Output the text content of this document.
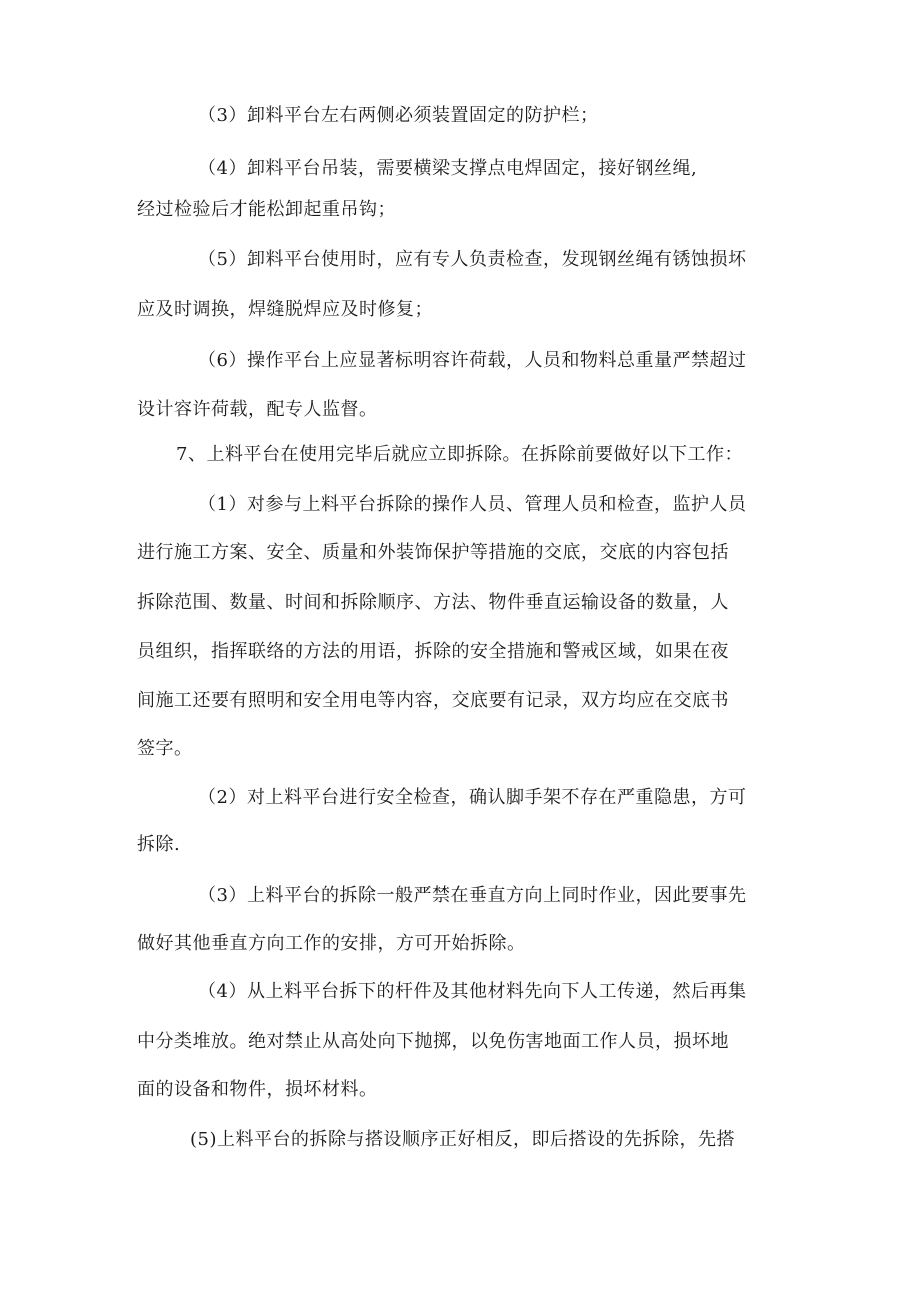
（3）卸料平台左右两侧必须装置固定的防护栏；
（4）卸料平台吊装，需要横梁支撑点电焊固定，接好钢丝绳,
经过检验后才能松卸起重吊钩；
（5）卸料平台使用时，应有专人负责检查，发现钢丝绳有锈蚀损坏
应及时调换，焊缝脱焊应及时修复；
（6）操作平台上应显著标明容许荷载，人员和物料总重量严禁超过
设计容许荷载，配专人监督。
7、上料平台在使用完毕后就应立即拆除。在拆除前要做好以下工作：
（1）对参与上料平台拆除的操作人员、管理人员和检查，监护人员
进行施工方案、安全、质量和外装饰保护等措施的交底，交底的内容包括
拆除范围、数量、时间和拆除顺序、方法、物件垂直运输设备的数量，人
员组织，指挥联络的方法的用语，拆除的安全措施和警戒区域，如果在夜
间施工还要有照明和安全用电等内容，交底要有记录，双方均应在交底书
签字。
（2）对上料平台进行安全检查，确认脚手架不存在严重隐患，方可
拆除.
（3）上料平台的拆除一般严禁在垂直方向上同时作业，因此要事先
做好其他垂直方向工作的安排，方可开始拆除。
（4）从上料平台拆下的杆件及其他材料先向下人工传递，然后再集
中分类堆放。绝对禁止从高处向下抛掷，以免伤害地面工作人员，损坏地
面的设备和物件，损坏材料。
(5)上料平台的拆除与搭设顺序正好相反，即后搭设的先拆除，先搭
